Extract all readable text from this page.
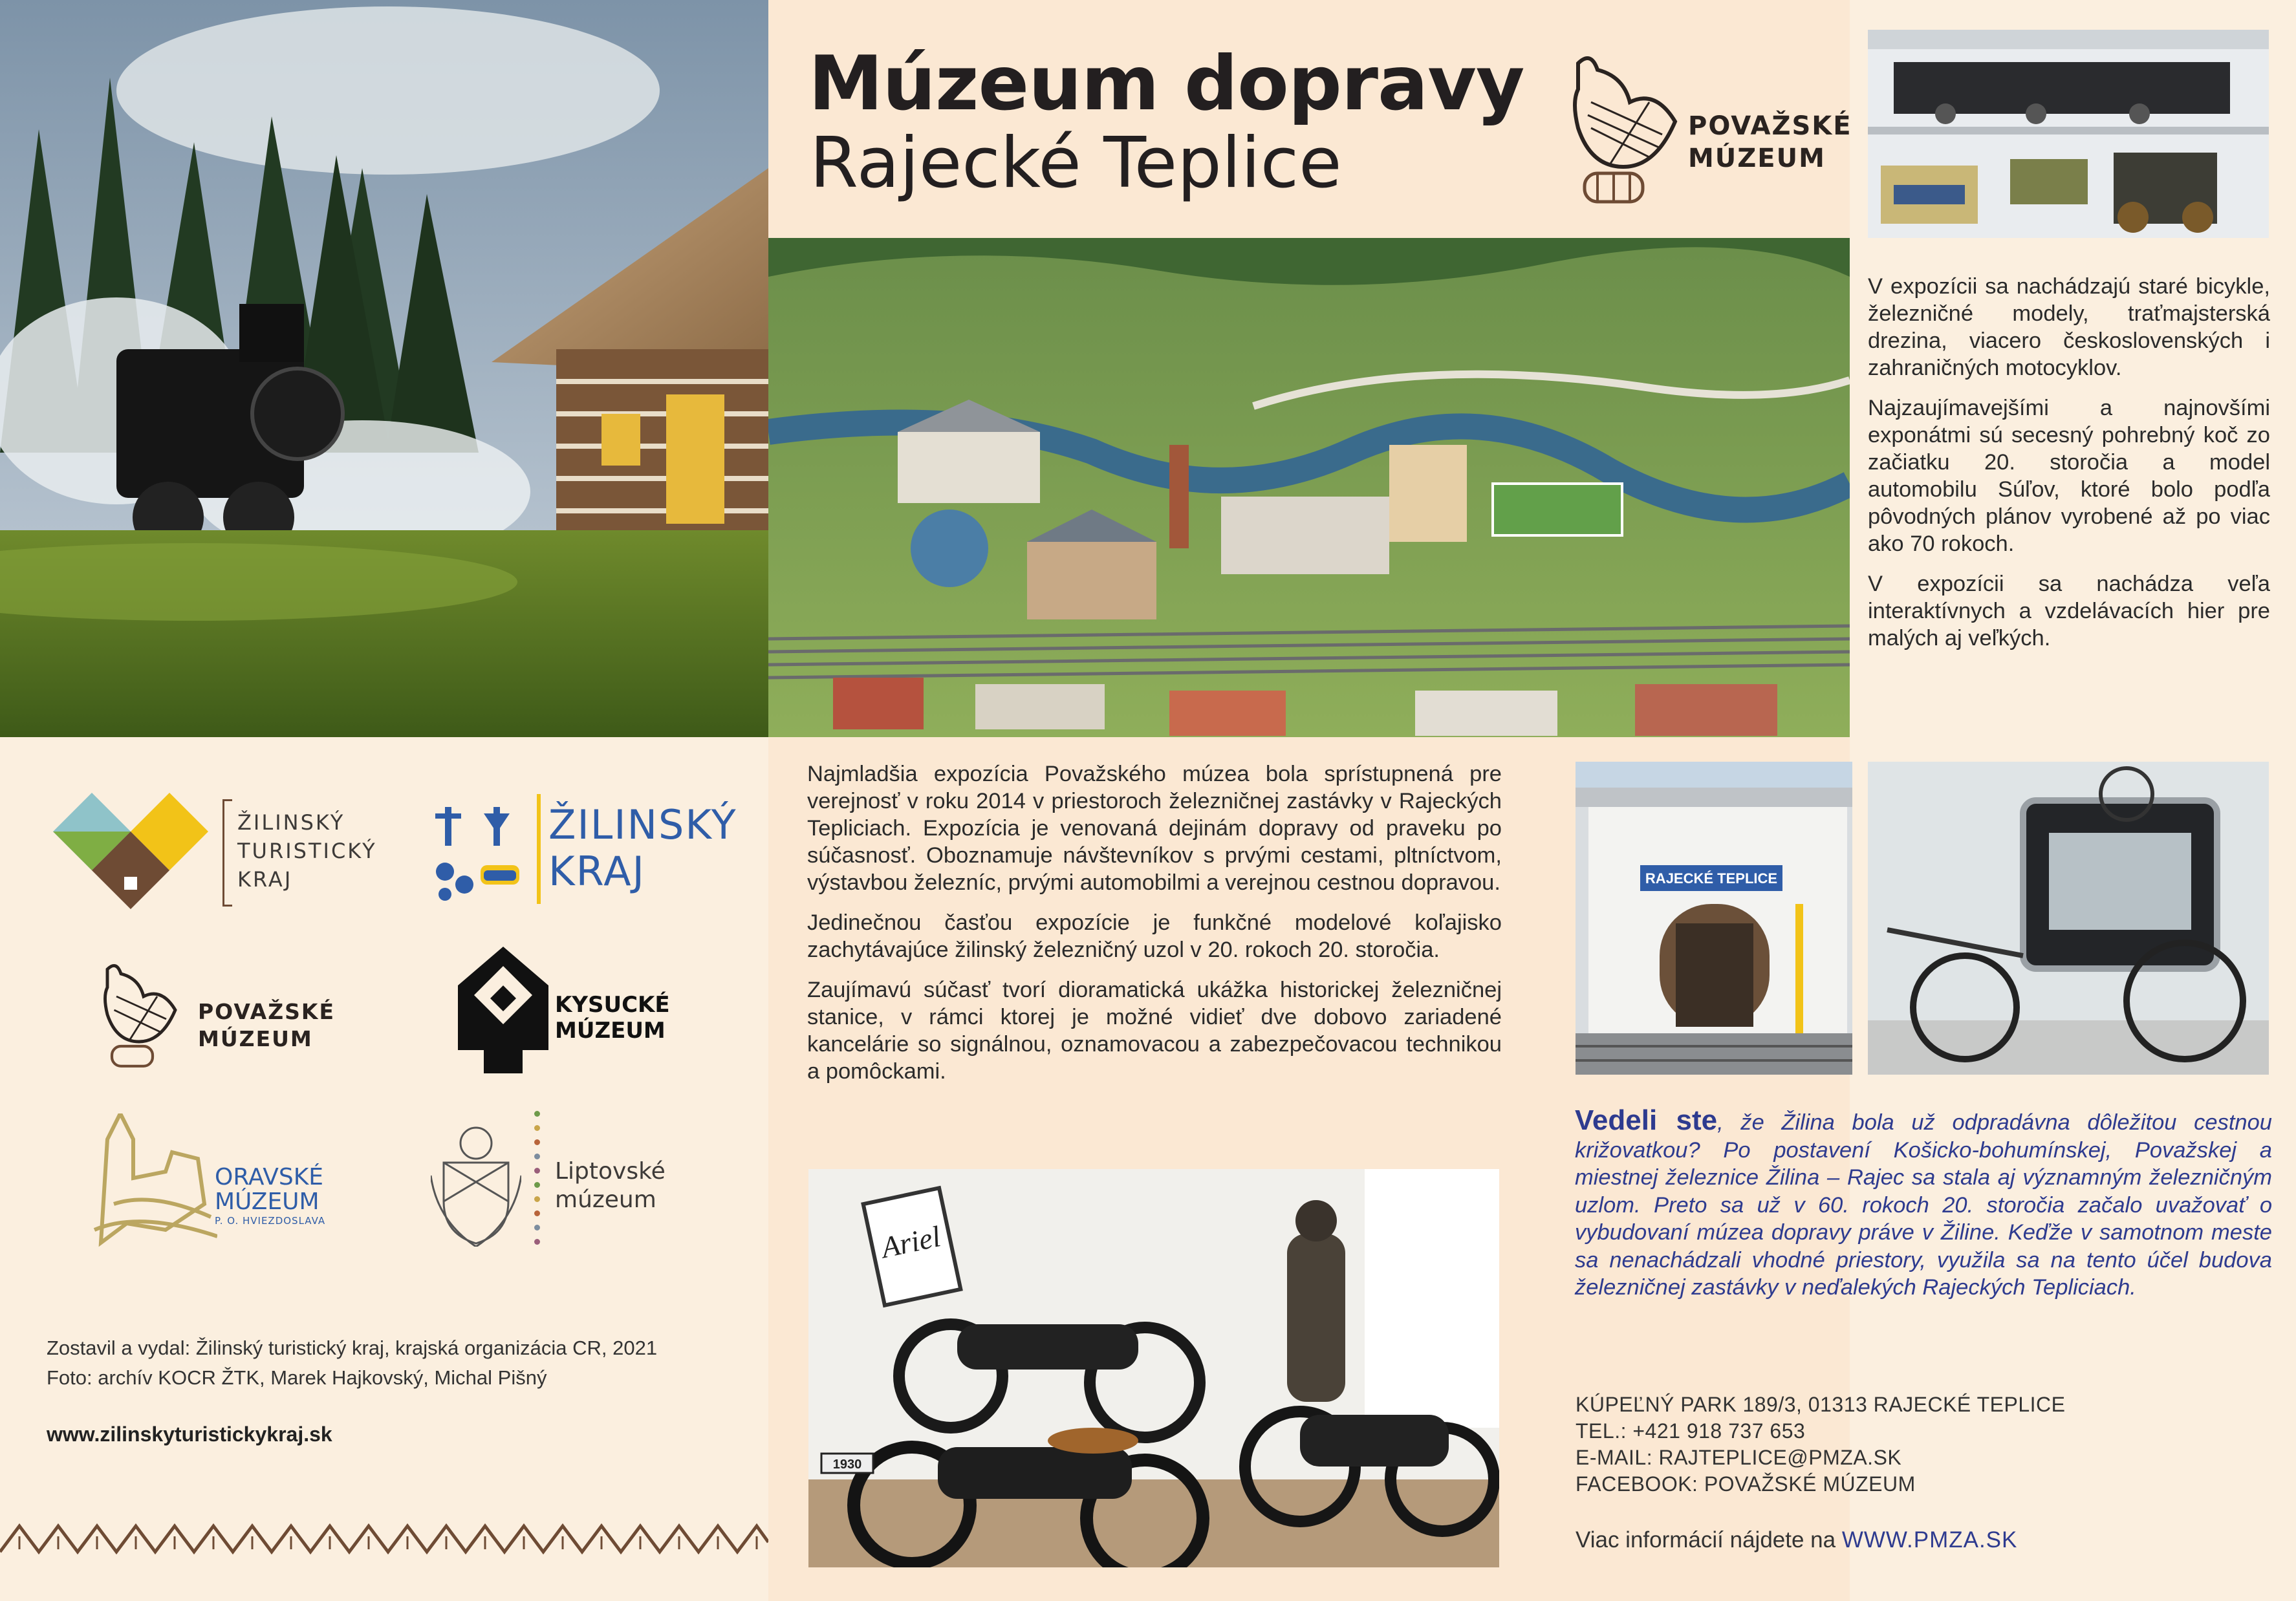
Múzeum dopravy
Rajecké Teplice	POVAŽSKÉ
MÚZEUM

V expozícii sa nachádzajú staré bicykle, železničné modely, traťmajsterská drezina, viacero československých i zahraničných motocyklov.

Najzaujímavejšími a najnovšími exponátmi sú secesný pohrebný koč zo začiatku 20. storočia a model automobilu Súľov, ktoré bolo podľa pôvodných plánov vyrobené až po viac ako 70 rokoch.

V expozícii sa nachádza veľa interaktívnych a vzdelávacích hier pre malých aj veľkých.

Najmladšia expozícia Považského múzea bola sprístupnená pre verejnosť v roku 2014 v priestoroch železničnej zastávky v Rajeckých Tepliciach. Expozícia je venovaná dejinám dopravy od praveku po súčasnosť. Oboznamuje návštevníkov s prvými cestami, pltníctvom, výstavbou železníc, prvými automobilmi a verejnou cestnou dopravou.

Jedinečnou časťou expozície je funkčné modelové koľajisko zachytávajúce žilinský železničný uzol v 20. rokoch 20. storočia.

Zaujímavú súčasť tvorí dioramatická ukážka historickej železničnej stanice, v rámci ktorej je možné vidieť dve dobovo zariadené kancelárie so signálnou, oznamovacou a zabezpečovacou technikou a pomôckami.

RAJECKÉ TEPLICE
Vedeli ste, že Žilina bola už odpradávna dôležitou cestnou križovatkou? Po postavení Košicko-bohumínskej, Považskej a miestnej železnice Žilina – Rajec sa stala aj významným železničným uzlom. Preto sa už v 60. rokoch 20. storočia začalo uvažovať o vybudovaní múzea dopravy práve v Žiline. Keďže v samotnom meste sa nenachádzali vhodné priestory, využila sa na tento účel budova železničnej zastávky v neďalekých Rajeckých Tepliciach.
KÚPEĽNÝ PARK 189/3, 01313 RAJECKÉ TEPLICE
TEL.: +421 918 737 653
E-MAIL: RAJTEPLICE@PMZA.SK
FACEBOOK: POVAŽSKÉ MÚZEUM
Viac informácií nájdete na WWW.PMZA.SK
Ariel
1930
ŽILINSKÝ
TURISTICKÝ
KRAJ
ŽILINSKÝ
KRAJ
POVAŽSKÉ
MÚZEUM
KYSUCKÉ
MÚZEUM
ORAVSKÉ
MÚZEUM
P. O. HVIEZDOSLAVA
Liptovské
múzeum
Zostavil a vydal: Žilinský turistický kraj, krajská organizácia CR, 2021
Foto: archív KOCR ŽTK, Marek Hajkovský, Michal Pišný
www.zilinskyturistickykraj.sk
